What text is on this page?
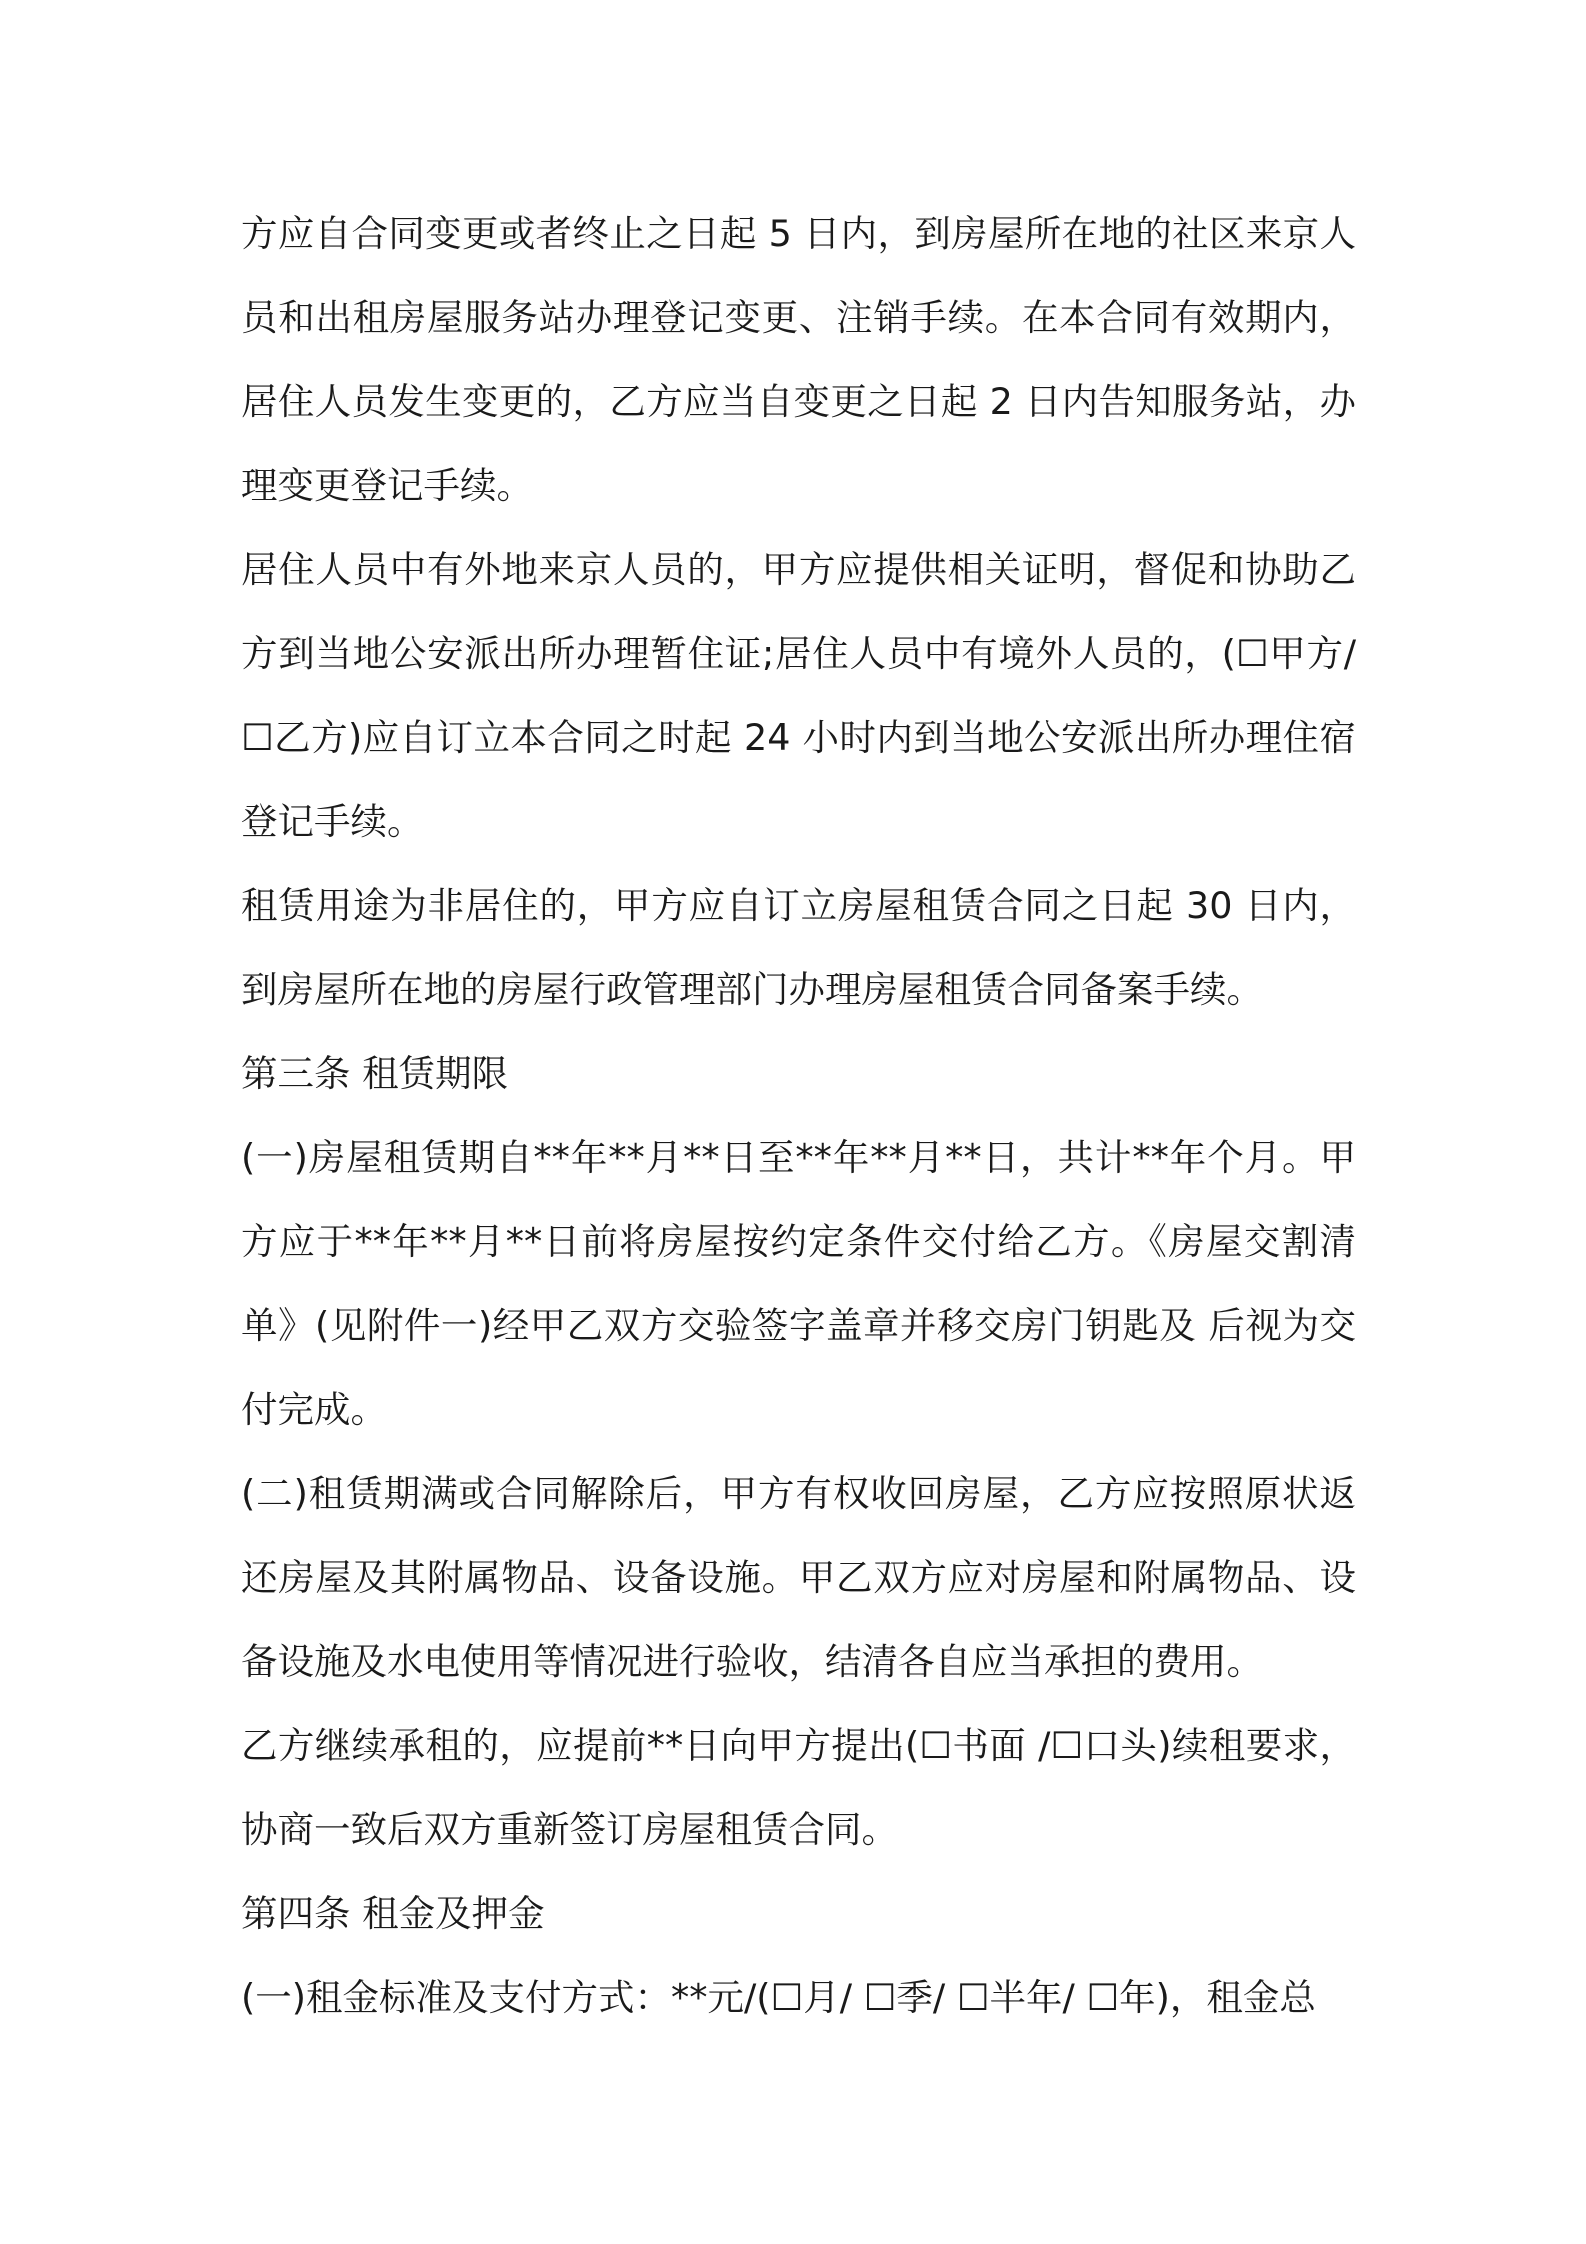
方应自合同变更或者终止之日起 5 日内，到房屋所在地的社区来京人员和出租房屋服务站办理登记变更、注销手续。在本合同有效期内，居住人员发生变更的，乙方应当自变更之日起 2 日内告知服务站，办理变更登记手续。

居住人员中有外地来京人员的，甲方应提供相关证明，督促和协助乙方到当地公安派出所办理暂住证;居住人员中有境外人员的，(☐甲方/☐乙方)应自订立本合同之时起 24 小时内到当地公安派出所办理住宿登记手续。

租赁用途为非居住的，甲方应自订立房屋租赁合同之日起 30 日内，到房屋所在地的房屋行政管理部门办理房屋租赁合同备案手续。

第三条 租赁期限

(一)房屋租赁期自**年**月**日至**年**月**日，共计**年个月。甲方应于**年**月**日前将房屋按约定条件交付给乙方。《房屋交割清单》(见附件一)经甲乙双方交验签字盖章并移交房门钥匙及 后视为交付完成。

(二)租赁期满或合同解除后，甲方有权收回房屋，乙方应按照原状返还房屋及其附属物品、设备设施。甲乙双方应对房屋和附属物品、设备设施及水电使用等情况进行验收，结清各自应当承担的费用。

乙方继续承租的，应提前**日向甲方提出(☐书面 /☐口头)续租要求，协商一致后双方重新签订房屋租赁合同。

第四条 租金及押金

(一)租金标准及支付方式：**元/(☐月/ ☐季/ ☐半年/ ☐年)，租金总
